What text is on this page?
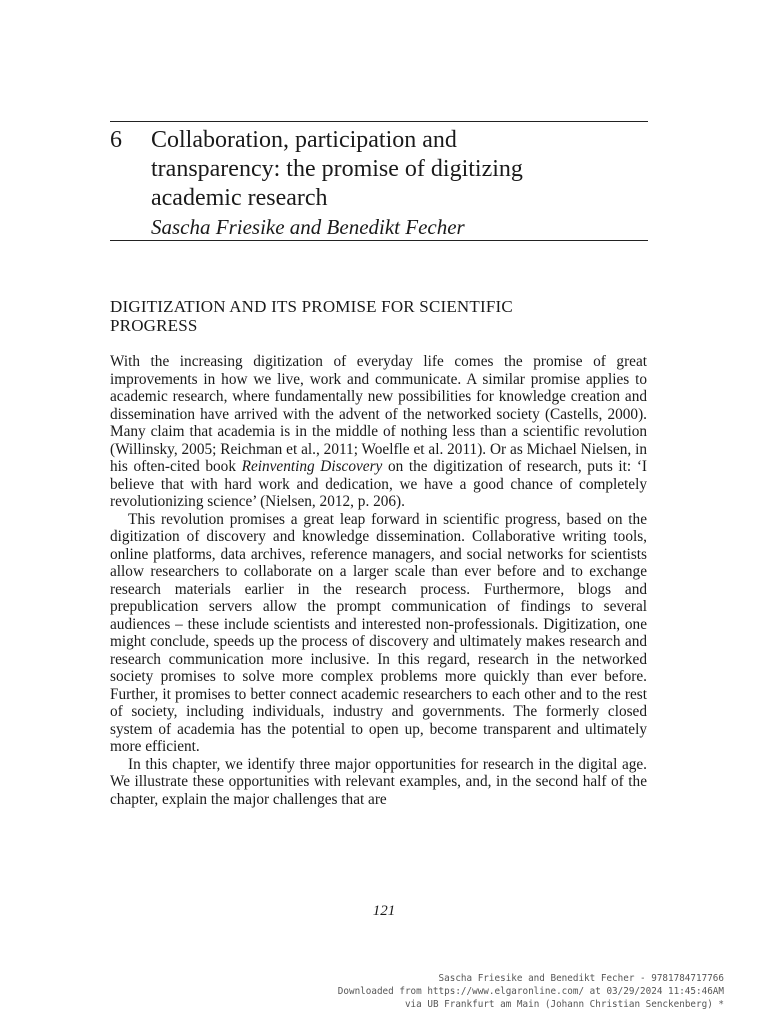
6 Collaboration, participation and
transparency: the promise of digitizing
academic research

Sascha Friesike and Benedikt Fecher

DIGITIZATION AND ITS PROMISE FOR SCIENTIFIC
PROGRESS

With the increasing digitization of everyday life comes the promise of great improvements in how we live, work and communicate. A similar promise applies to academic research, where fundamentally new possibilities for knowledge creation and dissemination have arrived with the advent of the networked society (Castells, 2000). Many claim that academia is in the middle of nothing less than a scientific revolution (Willinsky, 2005; Reichman et al., 2011; Woelfle et al. 2011). Or as Michael Nielsen, in his often-cited book Reinventing Discovery on the digitization of research, puts it: ‘I believe that with hard work and dedication, we have a good chance of completely revolutionizing science’ (Nielsen, 2012, p. 206).

This revolution promises a great leap forward in scientific progress, based on the digitization of discovery and knowledge dissemination. Collaborative writing tools, online platforms, data archives, reference managers, and social networks for scientists allow researchers to collaborate on a larger scale than ever before and to exchange research materials earlier in the research process. Furthermore, blogs and prepublication servers allow the prompt communication of findings to several audiences – these include scientists and interested non-professionals. Digitization, one might conclude, speeds up the process of discovery and ultimately makes research and research communication more inclusive. In this regard, research in the networked society promises to solve more complex problems more quickly than ever before. Further, it promises to better connect academic researchers to each other and to the rest of society, including individuals, industry and governments. The formerly closed system of academia has the potential to open up, become transparent and ultimately more efficient.

In this chapter, we identify three major opportunities for research in the digital age. We illustrate these opportunities with relevant examples, and, in the second half of the chapter, explain the major challenges that are

121
Sascha Friesike and Benedikt Fecher - 9781784717766
Downloaded from https://www.elgaronline.com/ at 03/29/2024 11:45:46AM
via UB Frankfurt am Main (Johann Christian Senckenberg) *
